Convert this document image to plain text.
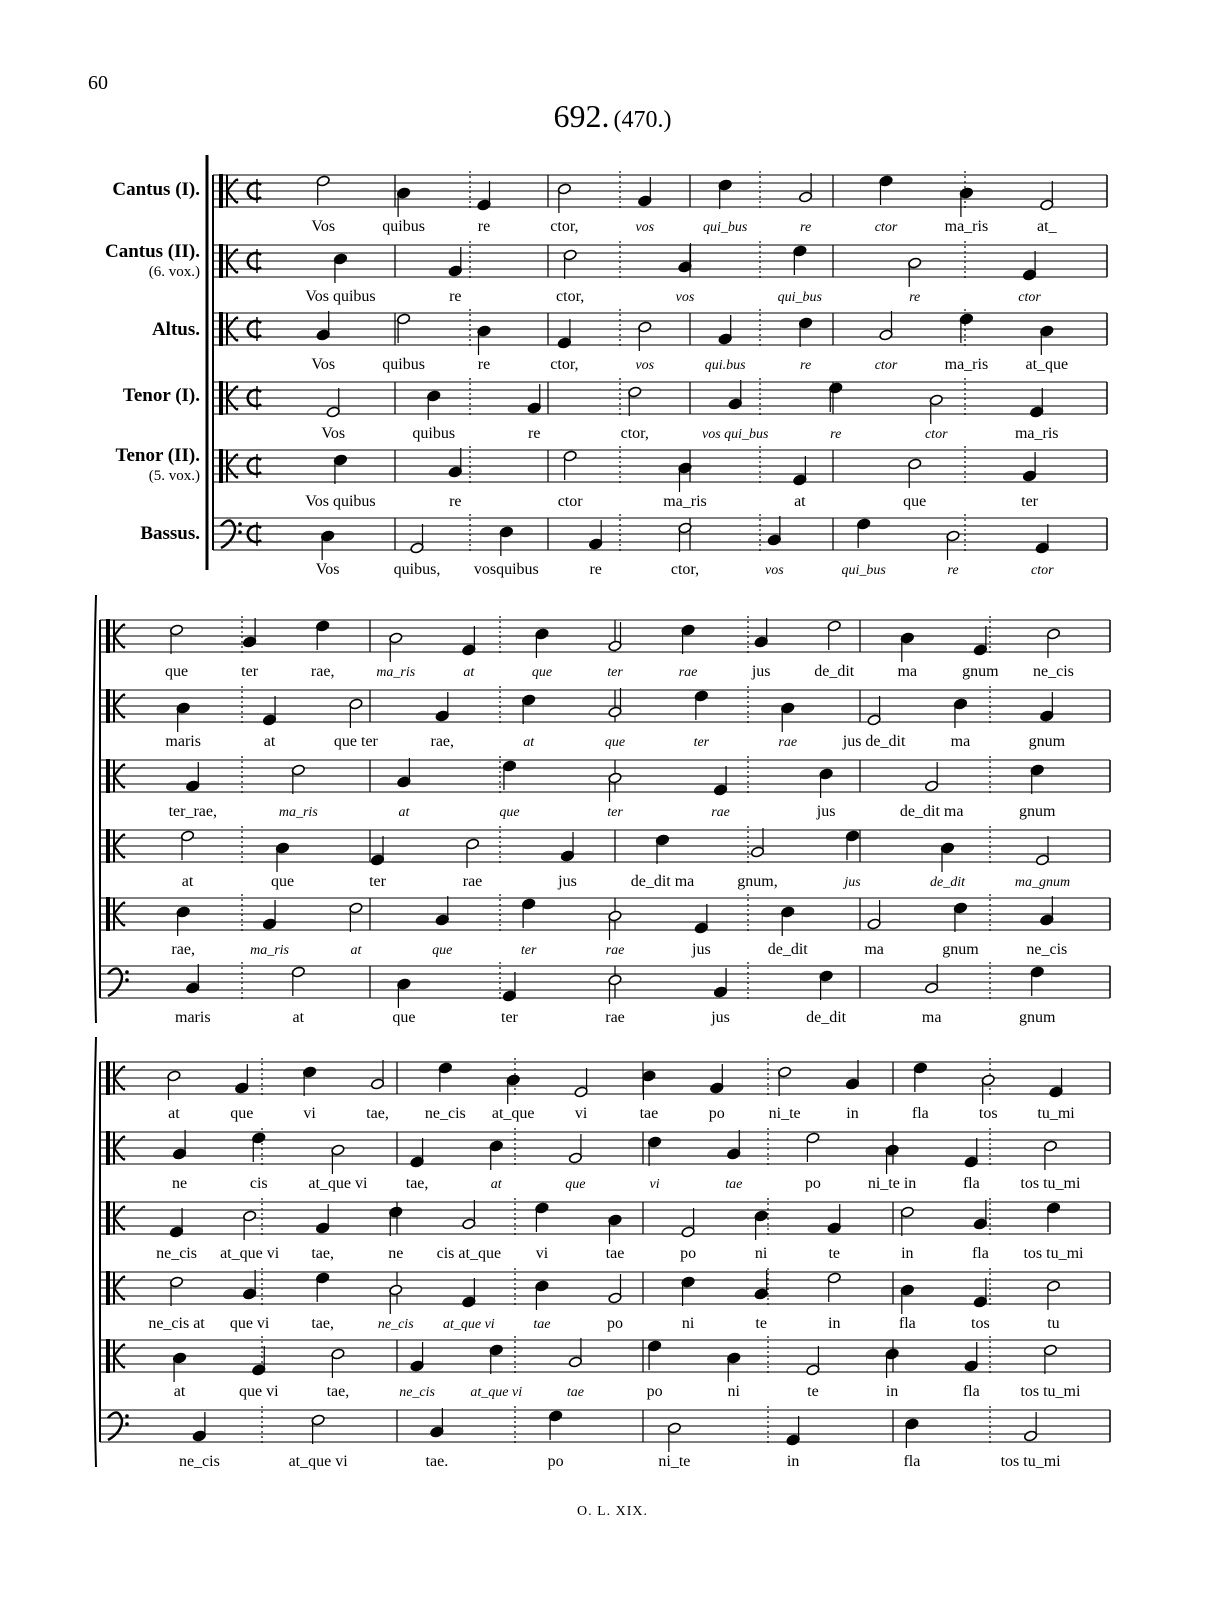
60
692. (470.)
Cantus (I).
Cantus (II).
(6. vox.)
Altus.
Tenor (I).
Tenor (II).
(5. vox.)
Bassus.
Vos	quibus	re	ctor,	vos	qui_bus	re	ctor	ma_ris	at_
Vos quibus	re	ctor,	vos	qui_bus	re	ctor
Vos	quibus	re	ctor,	vos	qui.bus	re	ctor	ma_ris at_que
Vos	quibus	re	ctor,	vos qui_bus	re	ctor	ma_ris
Vos quibus	re	ctor	ma_ris	at	que	ter
Vos	quibus, vosquibus	re	ctor,	vos	qui_bus	re	ctor
que	ter	rae,	ma_ris	at	que	ter	rae	jus	de_dit	ma	gnum ne_cis
maris	at	que ter	rae,	at	que	ter	rae	jus de_dit	ma	gnum
ter_rae,	ma_ris	at	que	ter	rae	jus	de_dit ma	gnum
at	que	ter	rae	jus	de_dit ma	gnum,	jus	de_dit	ma_gnum
rae,	ma_ris	at	que	ter	rae	jus	de_dit	ma	gnum	ne_cis
maris	at	que	ter	rae	jus	de_dit	ma	gnum
at	que	vi	tae, ne_cis at_que	vi	tae	po	ni_te	in	fla	tos tu_mi
ne	cis	at_que vi tae,	at	que	vi	tae	po	ni_te in	fla	tos tu_mi
ne_cis at_que vi tae,	ne cis at_que vi	tae	po	ni	te	in	fla tos tu_mi
ne_cis at que vi	tae,	ne_cis at_que vi	tae	po	ni	te	in	fla	tos	tu
at	que vi	tae,	ne_cis	at_que vi	tae	po	ni	te	in	fla	tos tu_mi
ne_cis	at_que vi	tae.	po	ni_te	in	fla	tos tu_mi
O. L. XIX.
